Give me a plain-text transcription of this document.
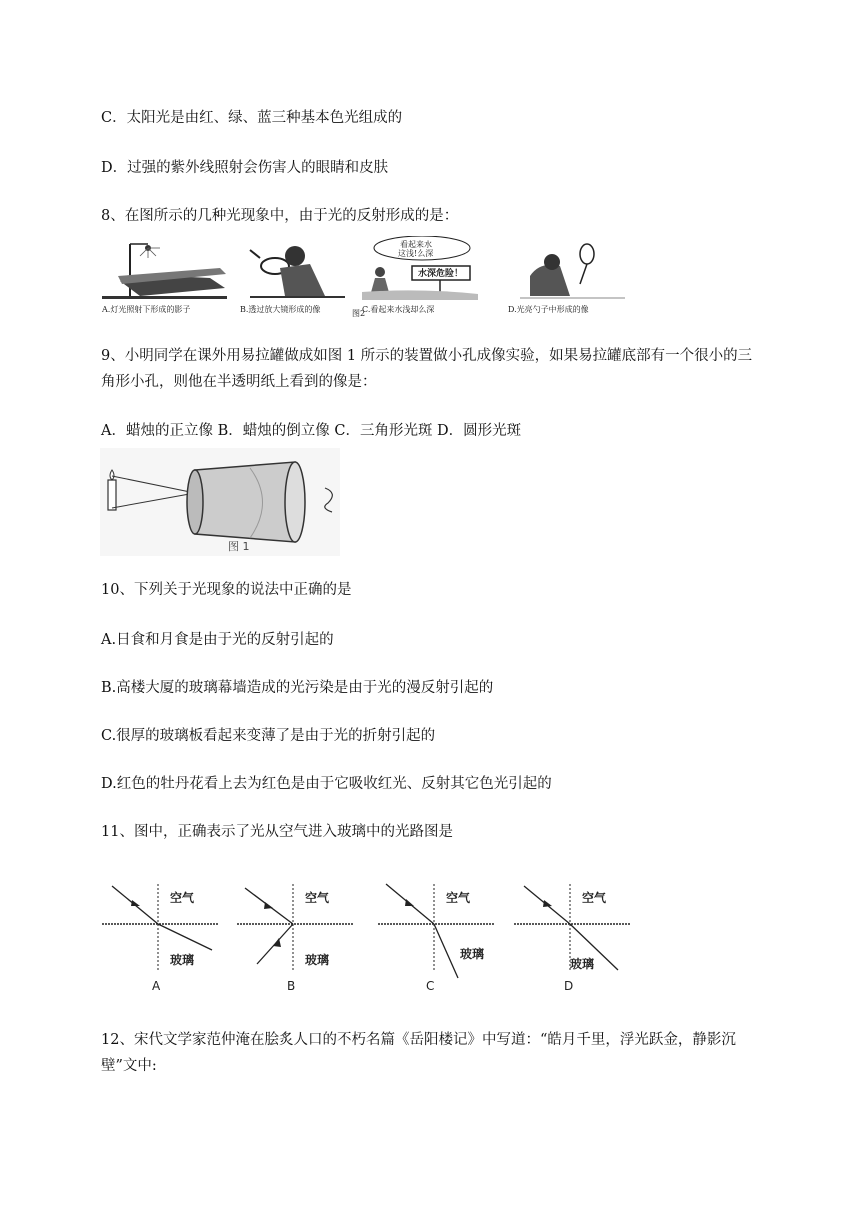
C．太阳光是由红、绿、蓝三种基本色光组成的
D．过强的紫外线照射会伤害人的眼睛和皮肤
8、在图所示的几种光现象中，由于光的反射形成的是：
A.灯光照射下形成的影子	B.透过放大镜形成的像
看起来水
这浅!么深
水深危险！
C.看起来水浅却么深	D.光亮勺子中形成的像
图2
9、小明同学在课外用易拉罐做成如图 1 所示的装置做小孔成像实验，如果易拉罐底部有一个很小的三
角形小孔，则他在半透明纸上看到的像是：
A．蜡烛的正立像 B．蜡烛的倒立像 C．三角形光斑 D．圆形光斑
图 1
10、下列关于光现象的说法中正确的是
A.日食和月食是由于光的反射引起的
B.高楼大厦的玻璃幕墙造成的光污染是由于光的漫反射引起的
C.很厚的玻璃板看起来变薄了是由于光的折射引起的
D.红色的牡丹花看上去为红色是由于它吸收红光、反射其它色光引起的
11、图中，正确表示了光从空气进入玻璃中的光路图是
空气
玻璃
A
空气
玻璃
B
空气
玻璃
C
空气
玻璃
D
12、宋代文学家范仲淹在脍炙人口的不朽名篇《岳阳楼记》中写道：“皓月千里，浮光跃金，静影沉
壁”文中:
